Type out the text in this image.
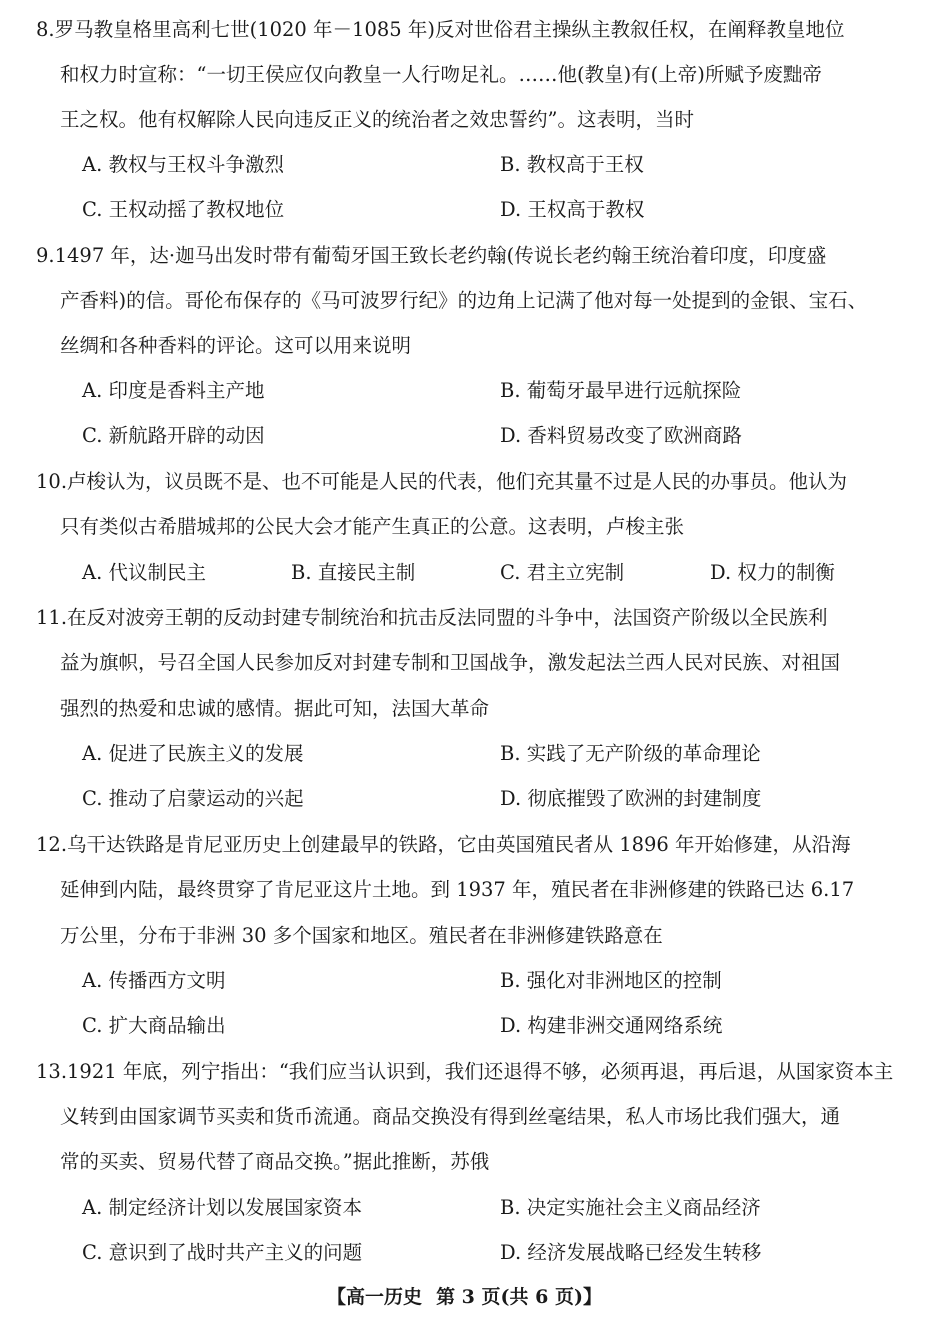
8.罗马教皇格里高利七世(1020 年－1085 年)反对世俗君主操纵主教叙任权，在阐释教皇地位
和权力时宣称：“一切王侯应仅向教皇一人行吻足礼。……他(教皇)有(上帝)所赋予废黜帝
王之权。他有权解除人民向违反正义的统治者之效忠誓约”。这表明，当时
A. 教权与王权斗争激烈	B. 教权高于王权
C. 王权动摇了教权地位	D. 王权高于教权
9.1497 年，达·迦马出发时带有葡萄牙国王致长老约翰(传说长老约翰王统治着印度，印度盛
产香料)的信。哥伦布保存的《马可波罗行纪》的边角上记满了他对每一处提到的金银、宝石、
丝绸和各种香料的评论。这可以用来说明
A. 印度是香料主产地	B. 葡萄牙最早进行远航探险
C. 新航路开辟的动因	D. 香料贸易改变了欧洲商路
10.卢梭认为，议员既不是、也不可能是人民的代表，他们充其量不过是人民的办事员。他认为
只有类似古希腊城邦的公民大会才能产生真正的公意。这表明，卢梭主张
A. 代议制民主	B. 直接民主制	C. 君主立宪制	D. 权力的制衡
11.在反对波旁王朝的反动封建专制统治和抗击反法同盟的斗争中，法国资产阶级以全民族利
益为旗帜，号召全国人民参加反对封建专制和卫国战争，激发起法兰西人民对民族、对祖国
强烈的热爱和忠诚的感情。据此可知，法国大革命
A. 促进了民族主义的发展	B. 实践了无产阶级的革命理论
C. 推动了启蒙运动的兴起	D. 彻底摧毁了欧洲的封建制度
12.乌干达铁路是肯尼亚历史上创建最早的铁路，它由英国殖民者从 1896 年开始修建，从沿海
延伸到内陆，最终贯穿了肯尼亚这片土地。到 1937 年，殖民者在非洲修建的铁路已达 6.17
万公里，分布于非洲 30 多个国家和地区。殖民者在非洲修建铁路意在
A. 传播西方文明	B. 强化对非洲地区的控制
C. 扩大商品输出	D. 构建非洲交通网络系统
13.1921 年底，列宁指出：“我们应当认识到，我们还退得不够，必须再退，再后退，从国家资本主
义转到由国家调节买卖和货币流通。商品交换没有得到丝毫结果，私人市场比我们强大，通
常的买卖、贸易代替了商品交换。”据此推断，苏俄
A. 制定经济计划以发展国家资本	B. 决定实施社会主义商品经济
C. 意识到了战时共产主义的问题	D. 经济发展战略已经发生转移
【高一历史 第 3 页(共 6 页)】
